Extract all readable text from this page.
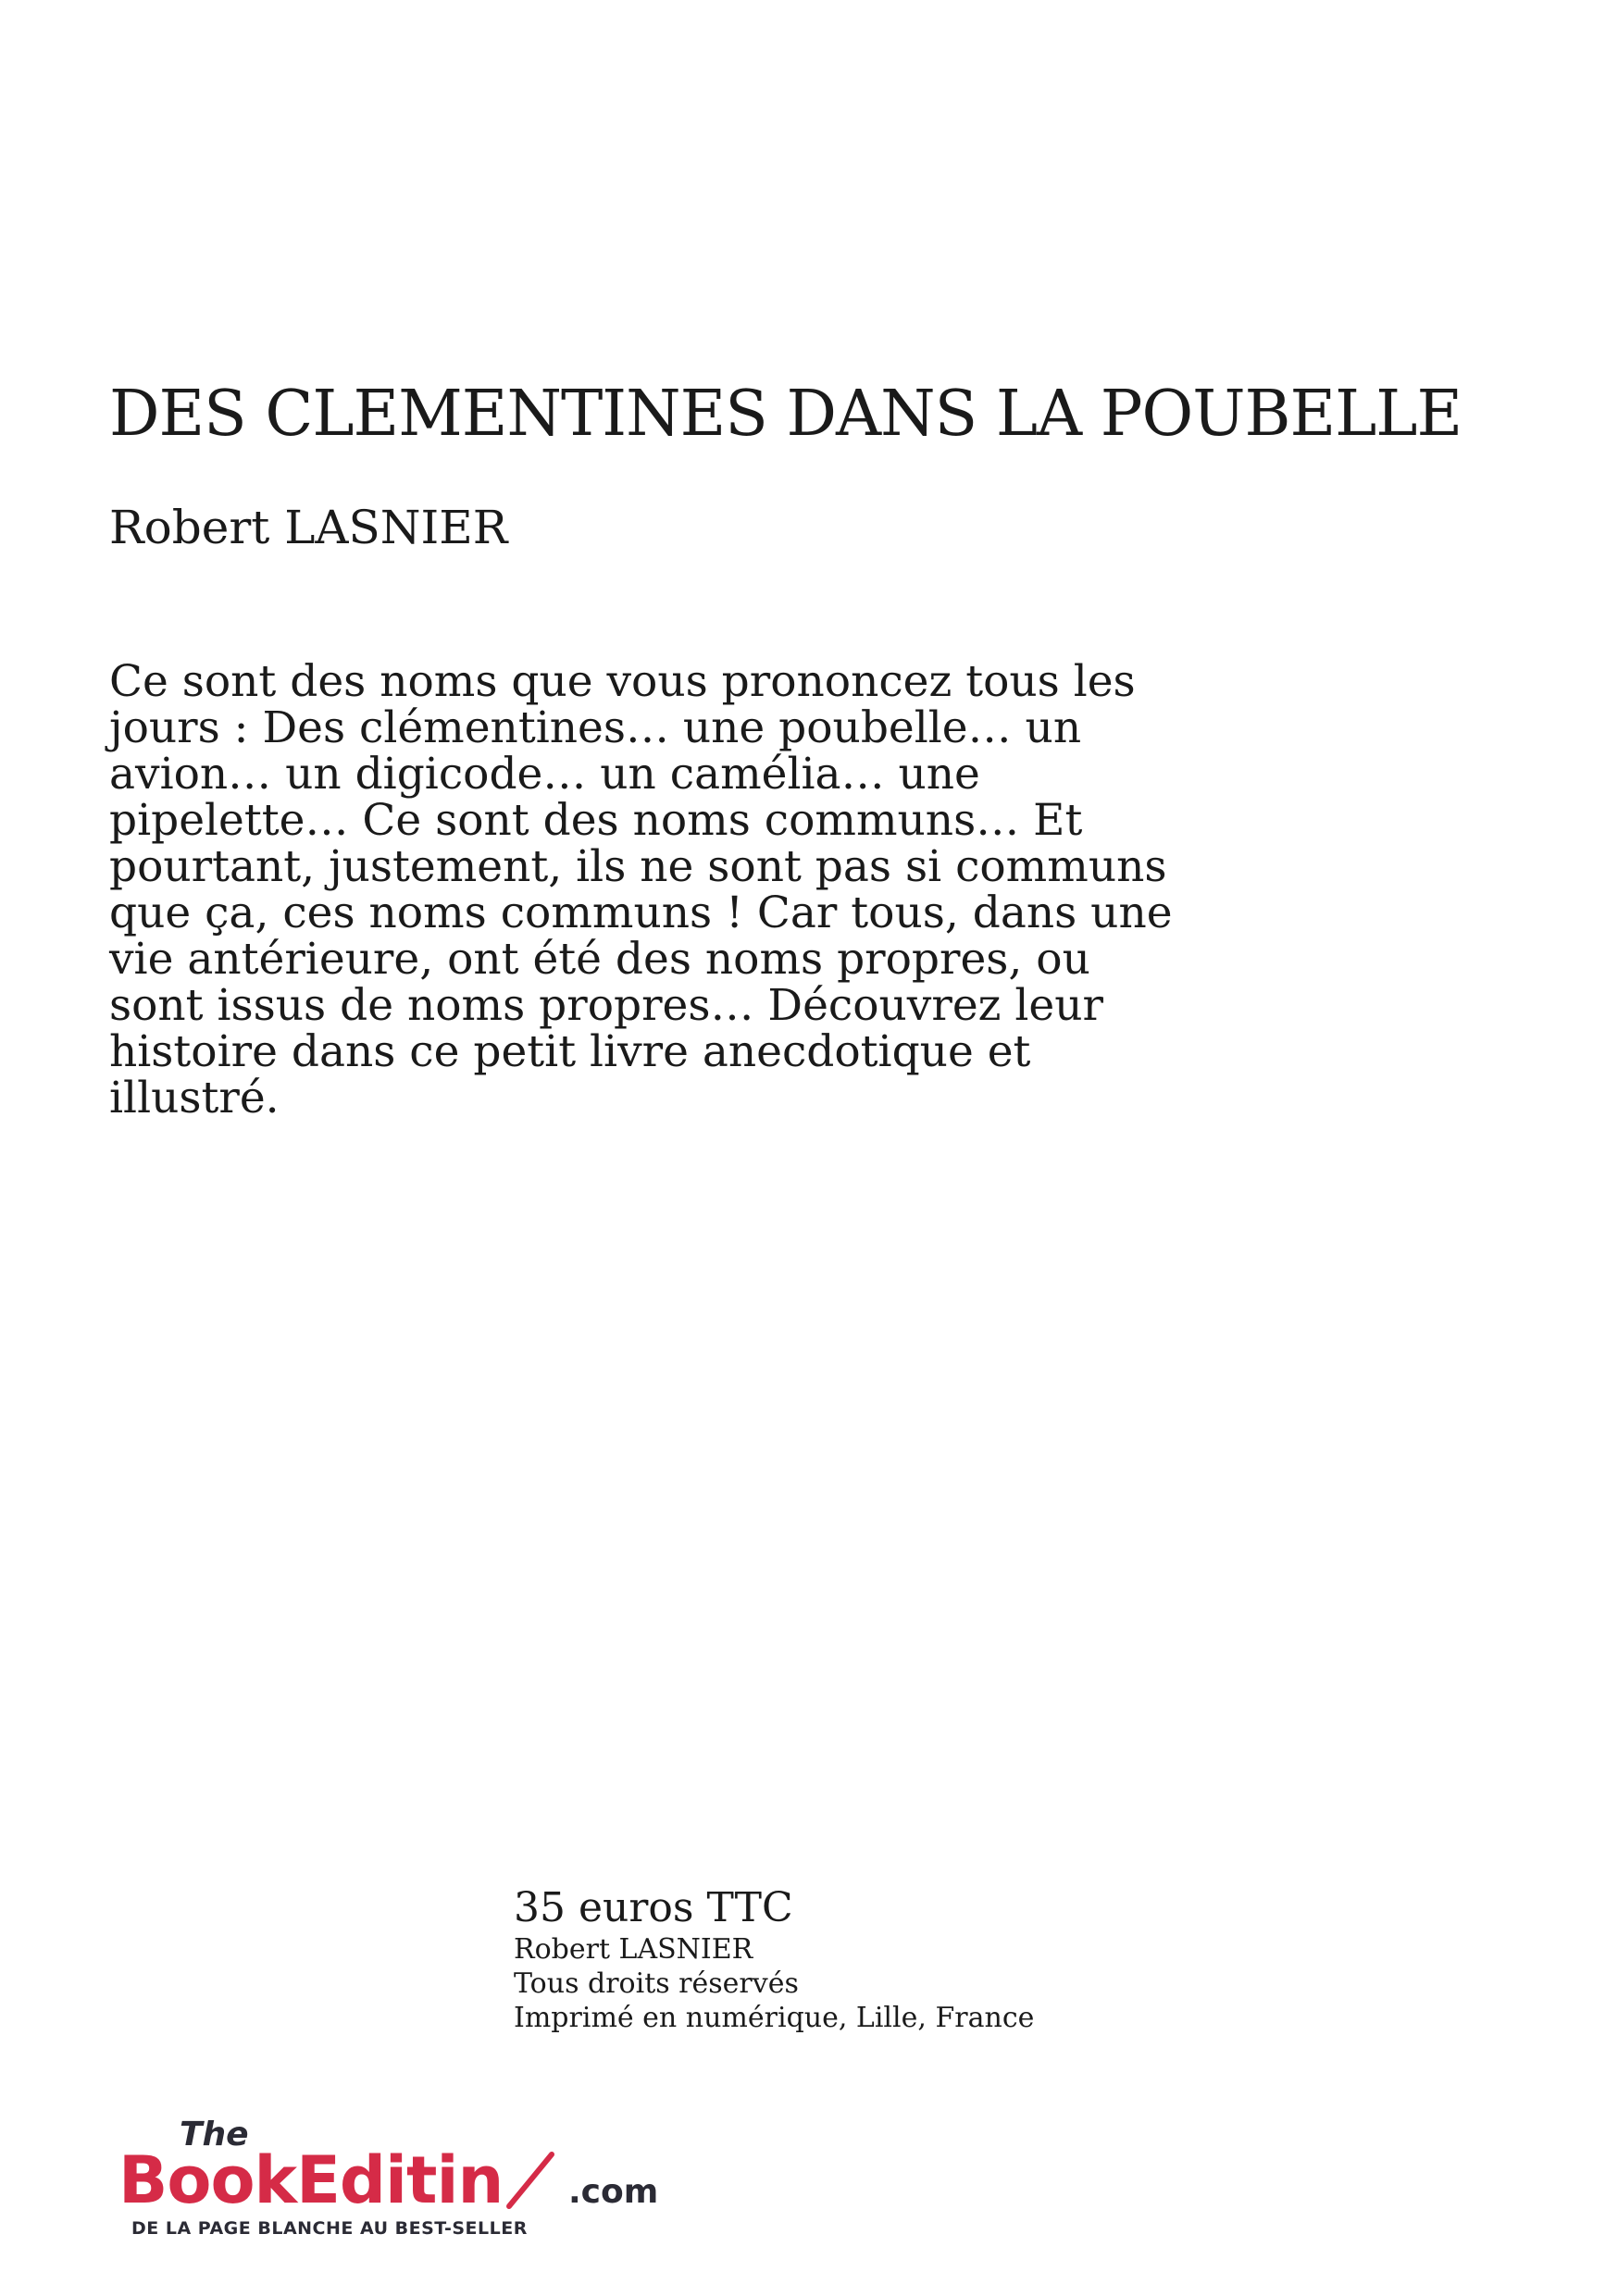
DES CLEMENTINES DANS LA POUBELLE
Robert LASNIER

Ce sont des noms que vous prononcez tous les jours : Des clémentines… une poubelle… un avion… un digicode… un camélia… une pipelette… Ce sont des noms communs… Et pourtant, justement, ils ne sont pas si communs que ça, ces noms communs ! Car tous, dans une vie antérieure, ont été des noms propres, ou sont issus de noms propres… Découvrez leur histoire dans ce petit livre anecdotique et illustré.

35 euros TTC
Robert LASNIER
Tous droits réservés
Imprimé en numérique, Lille, France
The
BookEditin .com
DE LA PAGE BLANCHE AU BEST-SELLER
